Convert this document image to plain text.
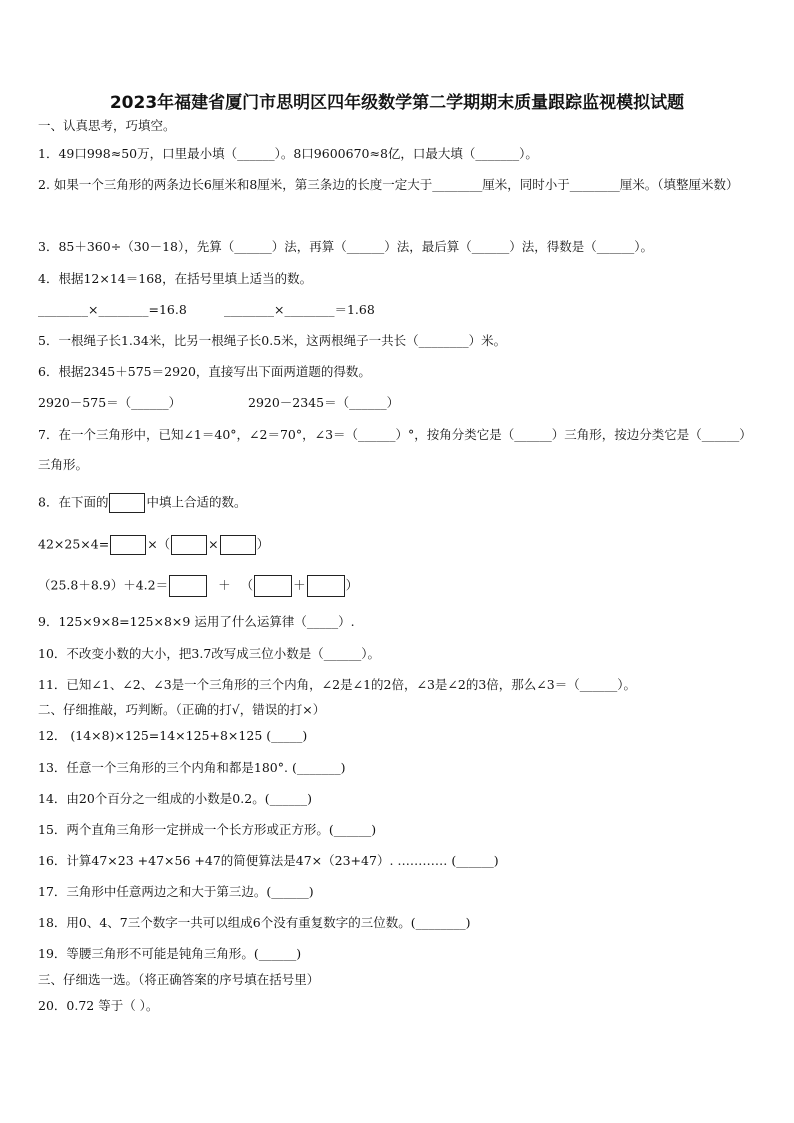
2023年福建省厦门市思明区四年级数学第二学期期末质量跟踪监视模拟试题
一、认真思考，巧填空。
1．49口998≈50万，口里最小填（______）。8口9600670≈8亿，口最大填（_______）。
2. 如果一个三角形的两条边长6厘米和8厘米，第三条边的长度一定大于________厘米，同时小于________厘米。（填整厘米数）
3．85＋360÷（30－18），先算（______）法，再算（______）法，最后算（______）法，得数是（______）。
4．根据12×14＝168，在括号里填上适当的数。
________×________=16.8	________×________＝1.68
5．一根绳子长1.34米，比另一根绳子长0.5米，这两根绳子一共长（________）米。
6．根据2345＋575＝2920，直接写出下面两道题的得数。
2920－575＝（______）	2920－2345＝（______）
7．在一个三角形中，已知∠1＝40°，∠2＝70°，∠3＝（______）°，按角分类它是（______）三角形，按边分类它是（______）三角形。
8．在下面的	中填上合适的数。
42×25×4=	×（	×	）
（25.8＋8.9）＋4.2＝	＋ （	＋	）
9．125×9×8=125×8×9 运用了什么运算律（_____）.
10．不改变小数的大小，把3.7改写成三位小数是（______）。
11．已知∠1、∠2、∠3是一个三角形的三个内角，∠2是∠1的2倍，∠3是∠2的3倍，那么∠3＝（______）。
二、仔细推敲，巧判断。（正确的打√，错误的打×）
12． (14×8)×125=14×125+8×125 (_____)
13．任意一个三角形的三个内角和都是180°. (_______)
14．由20个百分之一组成的小数是0.2。(______)
15．两个直角三角形一定拼成一个长方形或正方形。(______)
16．计算47×23 +47×56 +47的简便算法是47×（23+47）. ………… (______)
17．三角形中任意两边之和大于第三边。(______)
18．用0、4、7三个数字一共可以组成6个没有重复数字的三位数。(________)
19．等腰三角形不可能是钝角三角形。(______)
三、仔细选一选。（将正确答案的序号填在括号里）
20．0.72 等于（ ）。
